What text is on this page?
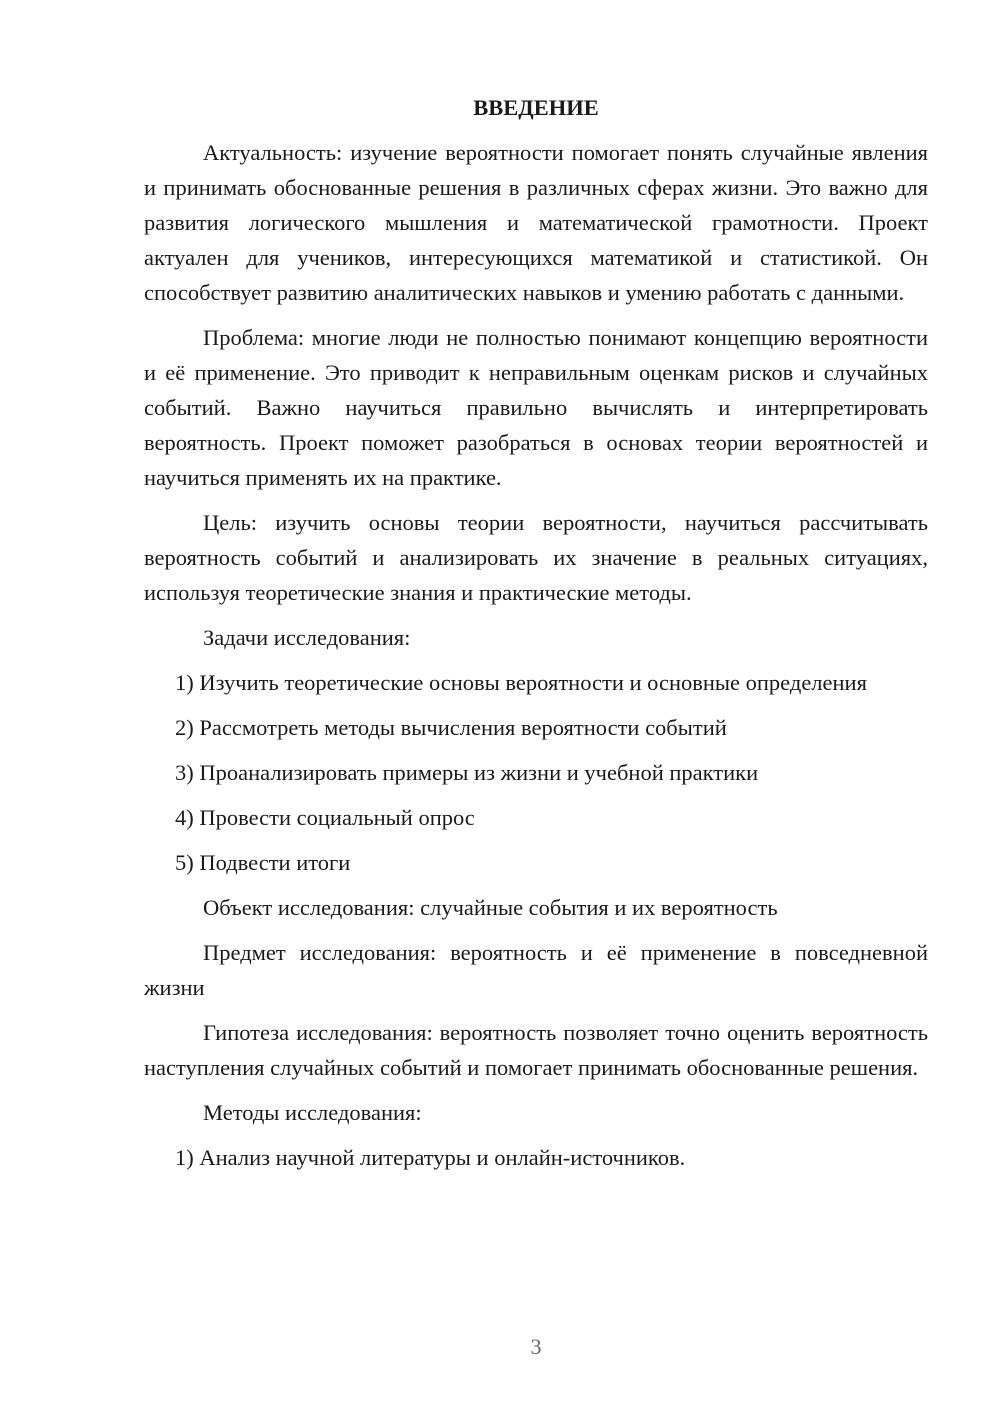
ВВЕДЕНИЕ

Актуальность: изучение вероятности помогает понять случайные явления и принимать обоснованные решения в различных сферах жизни. Это важно для развития логического мышления и математической грамотности. Проект актуален для учеников, интересующихся математикой и статистикой. Он способствует развитию аналитических навыков и умению работать с данными.

Проблема: многие люди не полностью понимают концепцию вероятности и её применение. Это приводит к неправильным оценкам рисков и случайных событий. Важно научиться правильно вычислять и интерпретировать вероятность. Проект поможет разобраться в основах теории вероятностей и научиться применять их на практике.

Цель: изучить основы теории вероятности, научиться рассчитывать вероятность событий и анализировать их значение в реальных ситуациях, используя теоретические знания и практические методы.

Задачи исследования:

1) Изучить теоретические основы вероятности и основные определения

2) Рассмотреть методы вычисления вероятности событий

3) Проанализировать примеры из жизни и учебной практики

4) Провести социальный опрос

5) Подвести итоги

Объект исследования: случайные события и их вероятность

Предмет исследования: вероятность и её применение в повседневной жизни

Гипотеза исследования: вероятность позволяет точно оценить вероятность наступления случайных событий и помогает принимать обоснованные решения.

Методы исследования:

1) Анализ научной литературы и онлайн-источников.

3
